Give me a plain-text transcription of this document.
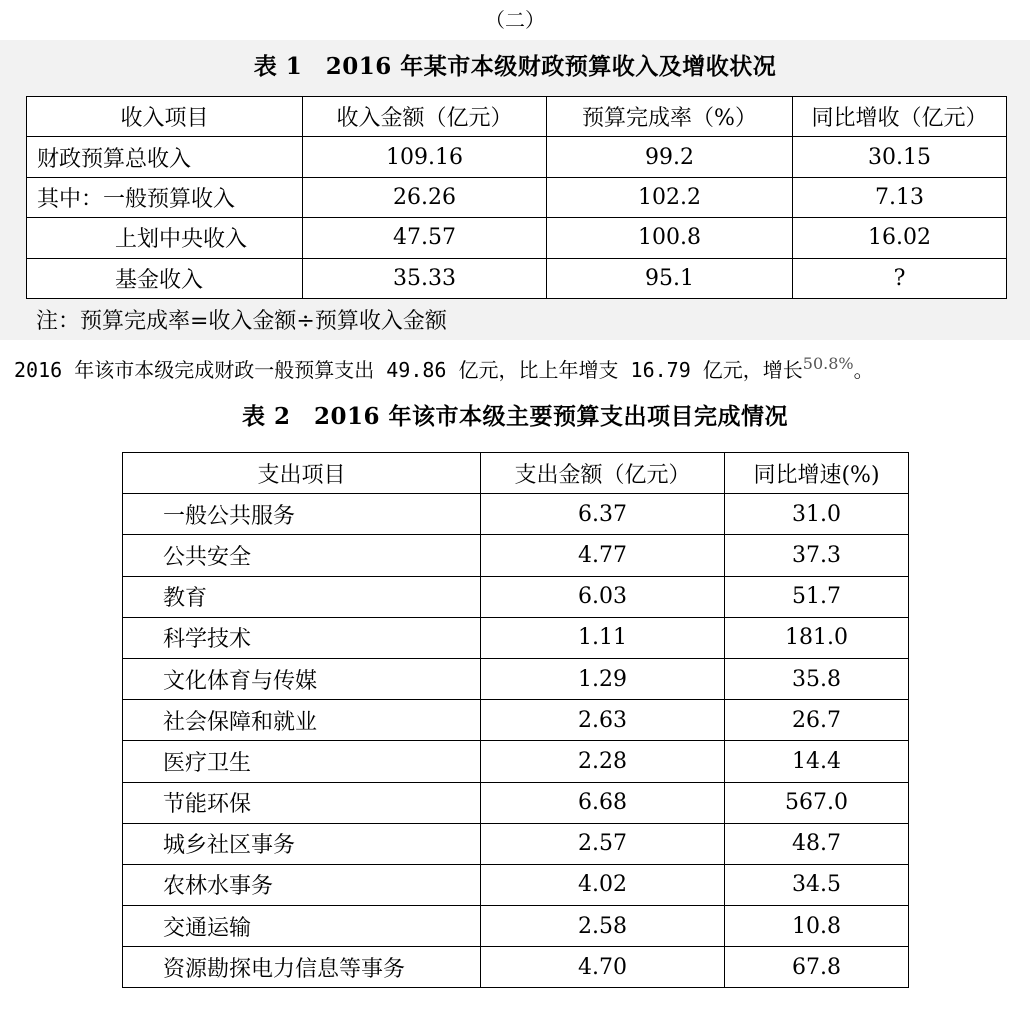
（二）
表 1　2016 年某市本级财政预算收入及增收状况
收入项目	收入金额（亿元）	预算完成率（%）	同比增收（亿元）
财政预算总收入	109.16	99.2	30.15
其中：一般预算收入	26.26	102.2	7.13
上划中央收入	47.57	100.8	16.02
基金收入	35.33	95.1	?
注：预算完成率=收入金额÷预算收入金额
2016 年该市本级完成财政一般预算支出 49.86 亿元，比上年增支 16.79 亿元，增长$^{50.8\%}$。
表 2　2016 年该市本级主要预算支出项目完成情况
支出项目	支出金额（亿元）	同比增速(%)
一般公共服务	6.37	31.0
公共安全	4.77	37.3
教育	6.03	51.7
科学技术	1.11	181.0
文化体育与传媒	1.29	35.8
社会保障和就业	2.63	26.7
医疗卫生	2.28	14.4
节能环保	6.68	567.0
城乡社区事务	2.57	48.7
农林水事务	4.02	34.5
交通运输	2.58	10.8
资源勘探电力信息等事务	4.70	67.8
